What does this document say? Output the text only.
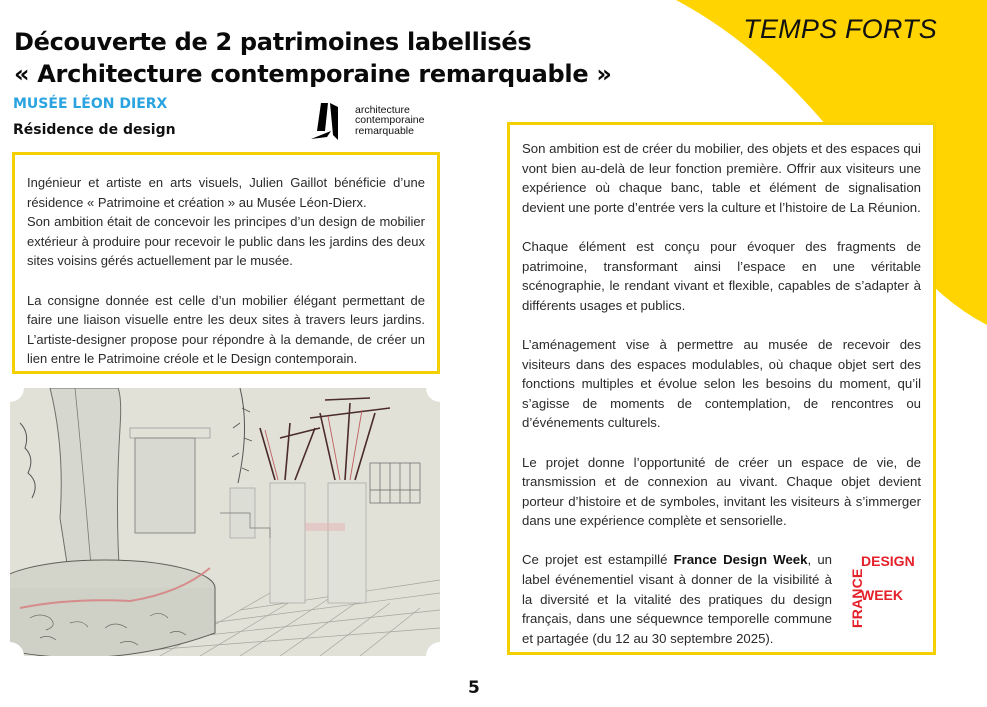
TEMPS FORTS
Découverte de 2 patrimoines labellisés
« Architecture contemporaine remarquable »
MUSÉE LÉON DIERX
Résidence de design
architecture
contemporaine
remarquable

Ingénieur et artiste en arts visuels, Julien Gaillot bénéficie d’une résidence « Patrimoine et création » au Musée Léon-Dierx.

Son ambition était de concevoir les principes d’un design de mobilier extérieur à produire pour recevoir le public dans les jardins des deux sites voisins gérés actuellement par le musée.

La consigne donnée est celle d’un mobilier élégant permettant de faire une liaison visuelle entre les deux sites à travers leurs jardins. L’artiste-designer propose pour répondre à la demande, de créer un lien entre le Patrimoine créole et le Design contemporain.

Son ambition est de créer du mobilier, des objets et des espaces qui vont bien au-delà de leur fonction première. Offrir aux visiteurs une expérience où chaque banc, table et élément de signalisation devient une porte d’entrée vers la culture et l’histoire de La Réunion.

Chaque élément est conçu pour évoquer des fragments de patrimoine, transformant ainsi l’espace en une véritable scénographie, le rendant vivant et flexible, capables de s’adapter à différents usages et publics.

L’aménagement vise à permettre au musée de recevoir des visiteurs dans des espaces modulables, où chaque objet sert des fonctions multiples et évolue selon les besoins du moment, qu’il s’agisse de moments de contemplation, de rencontres ou d’événements culturels.

Le projet donne l’opportunité de créer un espace de vie, de transmission et de connexion au vivant. Chaque objet devient porteur d’histoire et de symboles, invitant les visiteurs à s’immerger dans une expérience complète et sensorielle.

Ce projet est estampillé France Design Week, un label événementiel visant à donner de la visibilité à la diversité et la vitalité des pratiques du design français, dans une séquewnce temporelle commune et partagée (du 12 au 30 septembre 2025).

DESIGN
WEEK
FRANCE
5
